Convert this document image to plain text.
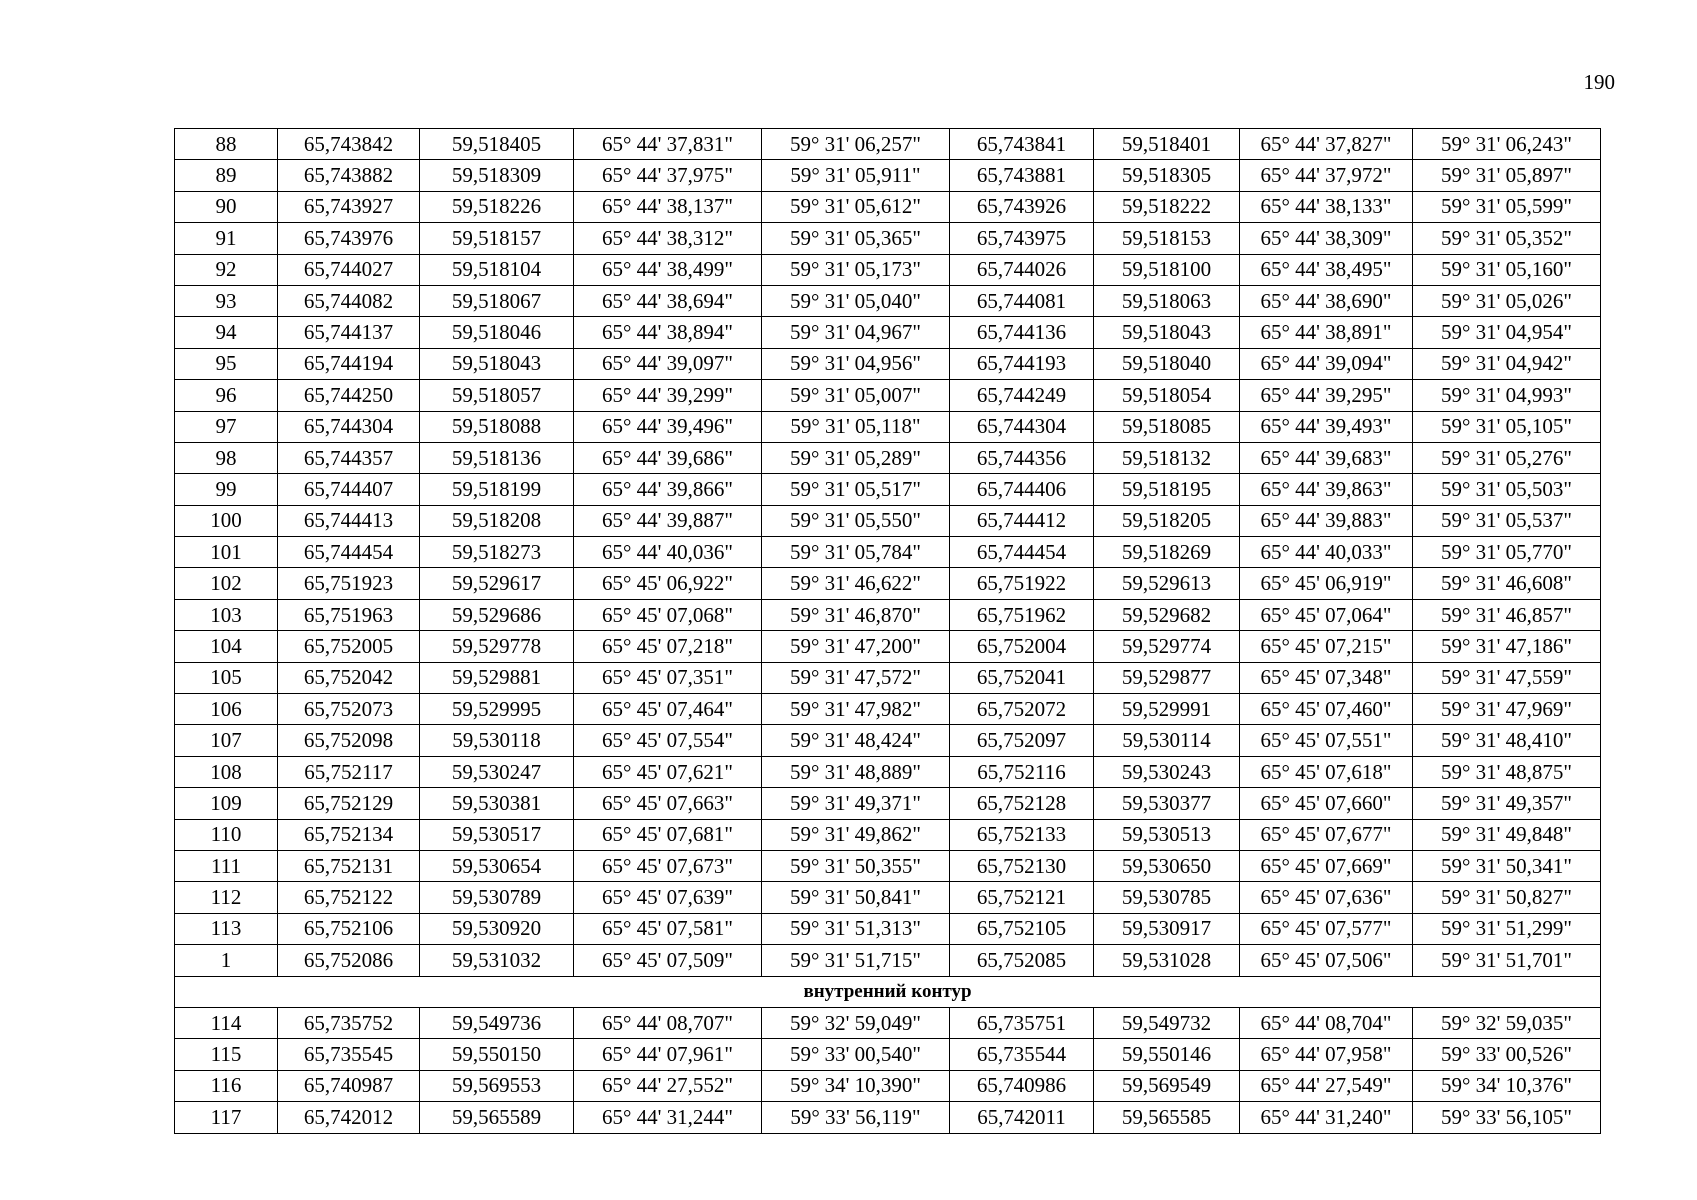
190
88	65,743842	59,518405	65° 44' 37,831"	59° 31' 06,257"	65,743841	59,518401	65° 44' 37,827"	59° 31' 06,243"
89	65,743882	59,518309	65° 44' 37,975"	59° 31' 05,911"	65,743881	59,518305	65° 44' 37,972"	59° 31' 05,897"
90	65,743927	59,518226	65° 44' 38,137"	59° 31' 05,612"	65,743926	59,518222	65° 44' 38,133"	59° 31' 05,599"
91	65,743976	59,518157	65° 44' 38,312"	59° 31' 05,365"	65,743975	59,518153	65° 44' 38,309"	59° 31' 05,352"
92	65,744027	59,518104	65° 44' 38,499"	59° 31' 05,173"	65,744026	59,518100	65° 44' 38,495"	59° 31' 05,160"
93	65,744082	59,518067	65° 44' 38,694"	59° 31' 05,040"	65,744081	59,518063	65° 44' 38,690"	59° 31' 05,026"
94	65,744137	59,518046	65° 44' 38,894"	59° 31' 04,967"	65,744136	59,518043	65° 44' 38,891"	59° 31' 04,954"
95	65,744194	59,518043	65° 44' 39,097"	59° 31' 04,956"	65,744193	59,518040	65° 44' 39,094"	59° 31' 04,942"
96	65,744250	59,518057	65° 44' 39,299"	59° 31' 05,007"	65,744249	59,518054	65° 44' 39,295"	59° 31' 04,993"
97	65,744304	59,518088	65° 44' 39,496"	59° 31' 05,118"	65,744304	59,518085	65° 44' 39,493"	59° 31' 05,105"
98	65,744357	59,518136	65° 44' 39,686"	59° 31' 05,289"	65,744356	59,518132	65° 44' 39,683"	59° 31' 05,276"
99	65,744407	59,518199	65° 44' 39,866"	59° 31' 05,517"	65,744406	59,518195	65° 44' 39,863"	59° 31' 05,503"
100	65,744413	59,518208	65° 44' 39,887"	59° 31' 05,550"	65,744412	59,518205	65° 44' 39,883"	59° 31' 05,537"
101	65,744454	59,518273	65° 44' 40,036"	59° 31' 05,784"	65,744454	59,518269	65° 44' 40,033"	59° 31' 05,770"
102	65,751923	59,529617	65° 45' 06,922"	59° 31' 46,622"	65,751922	59,529613	65° 45' 06,919"	59° 31' 46,608"
103	65,751963	59,529686	65° 45' 07,068"	59° 31' 46,870"	65,751962	59,529682	65° 45' 07,064"	59° 31' 46,857"
104	65,752005	59,529778	65° 45' 07,218"	59° 31' 47,200"	65,752004	59,529774	65° 45' 07,215"	59° 31' 47,186"
105	65,752042	59,529881	65° 45' 07,351"	59° 31' 47,572"	65,752041	59,529877	65° 45' 07,348"	59° 31' 47,559"
106	65,752073	59,529995	65° 45' 07,464"	59° 31' 47,982"	65,752072	59,529991	65° 45' 07,460"	59° 31' 47,969"
107	65,752098	59,530118	65° 45' 07,554"	59° 31' 48,424"	65,752097	59,530114	65° 45' 07,551"	59° 31' 48,410"
108	65,752117	59,530247	65° 45' 07,621"	59° 31' 48,889"	65,752116	59,530243	65° 45' 07,618"	59° 31' 48,875"
109	65,752129	59,530381	65° 45' 07,663"	59° 31' 49,371"	65,752128	59,530377	65° 45' 07,660"	59° 31' 49,357"
110	65,752134	59,530517	65° 45' 07,681"	59° 31' 49,862"	65,752133	59,530513	65° 45' 07,677"	59° 31' 49,848"
111	65,752131	59,530654	65° 45' 07,673"	59° 31' 50,355"	65,752130	59,530650	65° 45' 07,669"	59° 31' 50,341"
112	65,752122	59,530789	65° 45' 07,639"	59° 31' 50,841"	65,752121	59,530785	65° 45' 07,636"	59° 31' 50,827"
113	65,752106	59,530920	65° 45' 07,581"	59° 31' 51,313"	65,752105	59,530917	65° 45' 07,577"	59° 31' 51,299"
1	65,752086	59,531032	65° 45' 07,509"	59° 31' 51,715"	65,752085	59,531028	65° 45' 07,506"	59° 31' 51,701"
внутренний контур								
114	65,735752	59,549736	65° 44' 08,707"	59° 32' 59,049"	65,735751	59,549732	65° 44' 08,704"	59° 32' 59,035"
115	65,735545	59,550150	65° 44' 07,961"	59° 33' 00,540"	65,735544	59,550146	65° 44' 07,958"	59° 33' 00,526"
116	65,740987	59,569553	65° 44' 27,552"	59° 34' 10,390"	65,740986	59,569549	65° 44' 27,549"	59° 34' 10,376"
117	65,742012	59,565589	65° 44' 31,244"	59° 33' 56,119"	65,742011	59,565585	65° 44' 31,240"	59° 33' 56,105"
